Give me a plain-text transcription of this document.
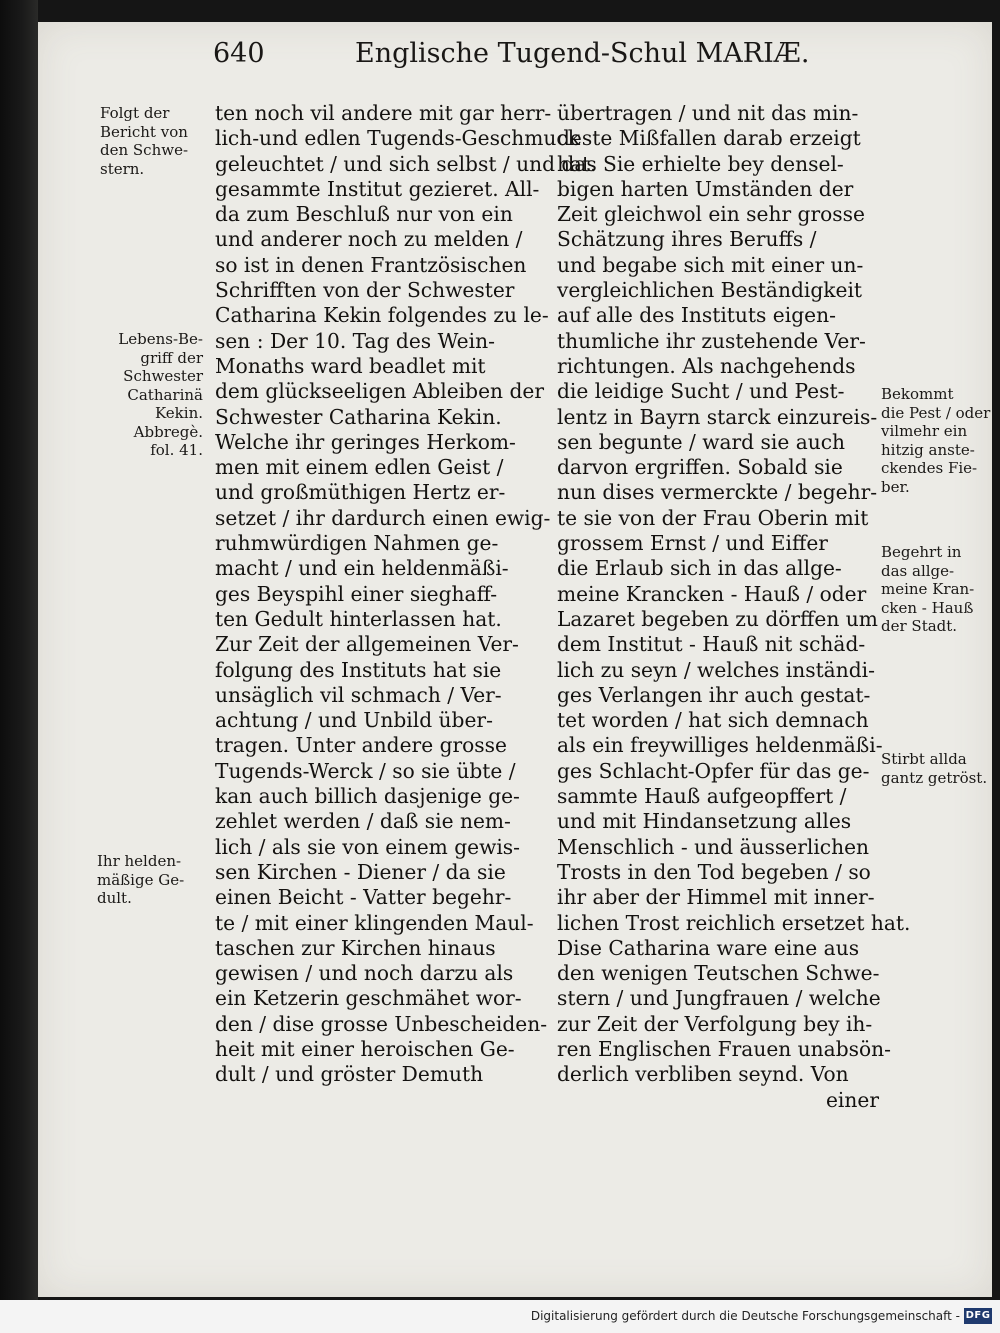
640	Englische Tugend-Schul MARIÆ.
Folgt der
Bericht von
den Schwe-
stern.
Lebens-Be-
griff der
Schwester
Catharinä
Kekin.
Abbregè.
fol. 41.
Ihr helden-
mäßige Ge-
dult.
ten noch vil andere mit gar herr-
lich-und edlen Tugends-Geschmuck
geleuchtet / und sich selbst / und das
gesammte Institut gezieret. All-
da zum Beschluß nur von ein
und anderer noch zu melden /
so ist in denen Frantzösischen
Schrifften von der Schwester
Catharina Kekin folgendes zu le-
sen : Der 10. Tag des Wein-
Monaths ward beadlet mit
dem glückseeligen Ableiben der
Schwester Catharina Kekin.
Welche ihr geringes Herkom-
men mit einem edlen Geist /
und großmüthigen Hertz er-
setzet / ihr dardurch einen ewig-
ruhmwürdigen Nahmen ge-
macht / und ein heldenmäßi-
ges Beyspihl einer sieghaff-
ten Gedult hinterlassen hat.
Zur Zeit der allgemeinen Ver-
folgung des Instituts hat sie
unsäglich vil schmach / Ver-
achtung / und Unbild über-
tragen. Unter andere grosse
Tugends-Werck / so sie übte /
kan auch billich dasjenige ge-
zehlet werden / daß sie nem-
lich / als sie von einem gewis-
sen Kirchen - Diener / da sie
einen Beicht - Vatter begehr-
te / mit einer klingenden Maul-
taschen zur Kirchen hinaus
gewisen / und noch darzu als
ein Ketzerin geschmähet wor-
den / dise grosse Unbescheiden-
heit mit einer heroischen Ge-
dult / und gröster Demuth
übertragen / und nit das min-
deste Mißfallen darab erzeigt
hat. Sie erhielte bey densel-
bigen harten Umständen der
Zeit gleichwol ein sehr grosse
Schätzung ihres Beruffs /
und begabe sich mit einer un-
vergleichlichen Beständigkeit
auf alle des Instituts eigen-
thumliche ihr zustehende Ver-
richtungen. Als nachgehends
die leidige Sucht / und Pest-
lentz in Bayrn starck einzureis-
sen begunte / ward sie auch
darvon ergriffen. Sobald sie
nun dises vermerckte / begehr-
te sie von der Frau Oberin mit
grossem Ernst / und Eiffer
die Erlaub sich in das allge-
meine Krancken - Hauß / oder
Lazaret begeben zu dörffen um
dem Institut - Hauß nit schäd-
lich zu seyn / welches inständi-
ges Verlangen ihr auch gestat-
tet worden / hat sich demnach
als ein freywilliges heldenmäßi-
ges Schlacht-Opfer für das ge-
sammte Hauß aufgeopffert /
und mit Hindansetzung alles
Menschlich - und äusserlichen
Trosts in den Tod begeben / so
ihr aber der Himmel mit inner-
lichen Trost reichlich ersetzet hat.
Dise Catharina ware eine aus
den wenigen Teutschen Schwe-
stern / und Jungfrauen / welche
zur Zeit der Verfolgung bey ih-
ren Englischen Frauen unabsön-
derlich verbliben seynd. Von
einer
Bekommt
die Pest / oder
vilmehr ein
hitzig anste-
ckendes Fie-
ber.
Begehrt in
das allge-
meine Kran-
cken - Hauß
der Stadt.
Stirbt allda
gantz getröst.
Digitalisierung gefördert durch die Deutsche Forschungsgemeinschaft - DFG
